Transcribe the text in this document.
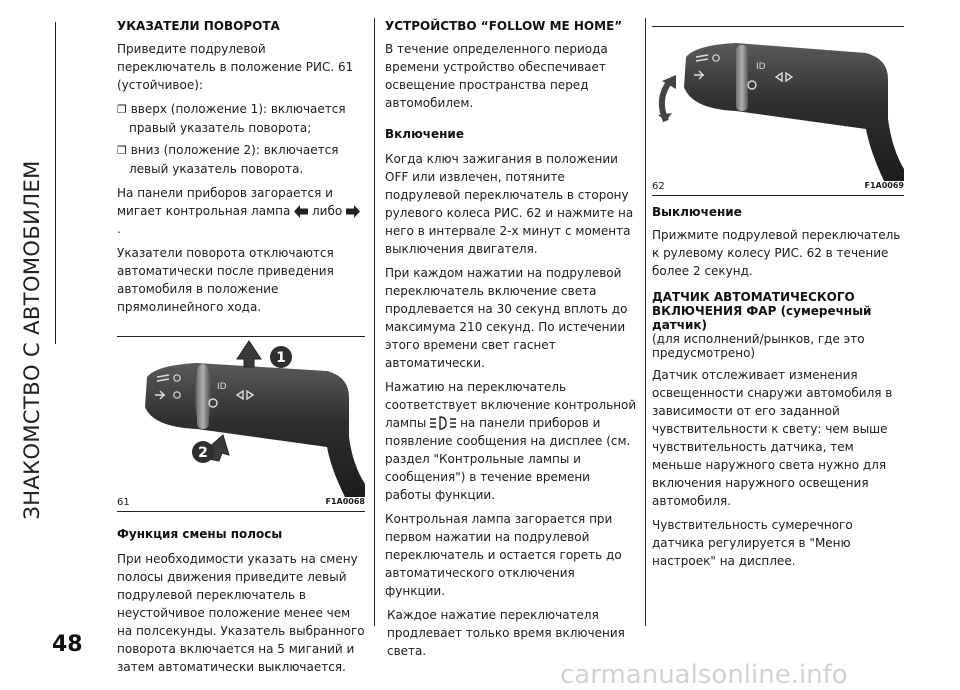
ЗНАКОМСТВО С АВТОМОБИЛЕМ
УКАЗАТЕЛИ ПОВОРОТА

Приведите подрулевой переключатель в положение РИС. 61 (устойчивое):

❐ вверх (положение 1): включается правый указатель поворота;

❐ вниз (положение 2): включается левый указатель поворота.

На панели приборов загорается и мигает контрольная лампа либо  .

Указатели поворота отключаются автоматически после приведения автомобиля в положение прямолинейного хода.

ID
1
2
61	F1A0068
Функция смены полосы

При необходимости указать на смену полосы движения приведите левый подрулевой переключатель в неустойчивое положение менее чем на полсекунды. Указатель выбранного поворота включается на 5 миганий и затем автоматически выключается.

УСТРОЙСТВО “FOLLOW ME HOME”

В течение определенного периода времени устройство обеспечивает освещение пространства перед автомобилем.

Включение

Когда ключ зажигания в положении OFF или извлечен, потяните подрулевой переключатель в сторону рулевого колеса РИС. 62 и нажмите на него в интервале 2-х минут с момента выключения двигателя.

При каждом нажатии на подрулевой переключатель включение света продлевается на 30 секунд вплоть до максимума 210 секунд. По истечении этого времени свет гаснет автоматически.

Нажатию на переключатель соответствует включение контрольной лампы	на панели приборов и появление сообщения на дисплее (см. раздел "Контрольные лампы и сообщения") в течение времени работы функции.

Контрольная лампа загорается при первом нажатии на подрулевой переключатель и остается гореть до автоматического отключения функции.

Каждое нажатие переключателя продлевает только время включения света.

ID
62	F1A0069
Выключение

Прижмите подрулевой переключатель к рулевому колесу РИС. 62 в течение более 2 секунд.

ДАТЧИК АВТОМАТИЧЕСКОГО
ВКЛЮЧЕНИЯ ФАР (сумеречный датчик)

(для исполнений/рынков, где это предусмотрено)

Датчик отслеживает изменения освещенности снаружи автомобиля в зависимости от его заданной чувствительности к свету: чем выше чувствительность датчика, тем меньше наружного света нужно для включения наружного освещения автомобиля.

Чувствительность сумеречного датчика регулируется в "Меню настроек" на дисплее.

48
carmanualsonline.info
